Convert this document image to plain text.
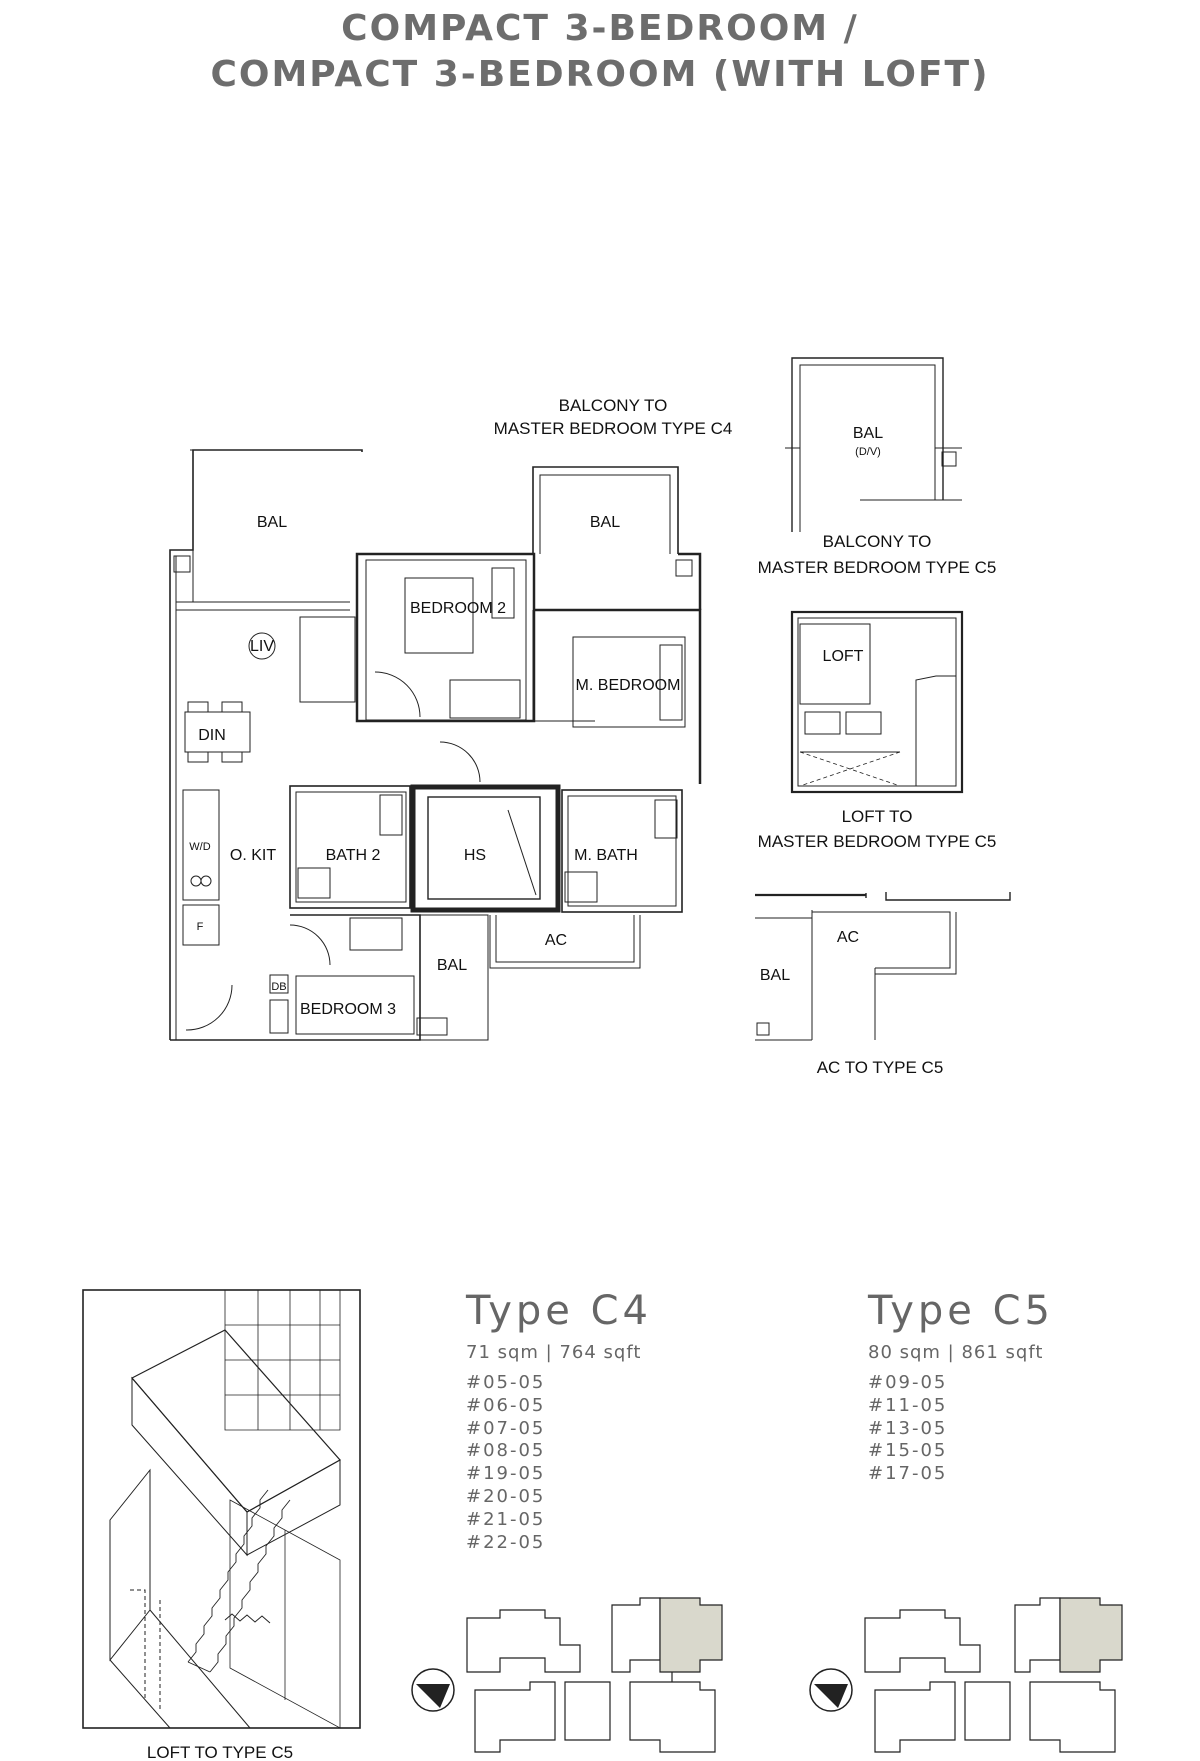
COMPACT 3-BEDROOM /
COMPACT 3-BEDROOM (WITH LOFT)
BALCONY TO
MASTER BEDROOM TYPE C4
BAL	BAL
BEDROOM 2
LIV
M. BEDROOM
DIN
W/D O. KIT	BATH 2	HS	M. BATH
AC
F
BAL
DB
BEDROOM 3
BAL
(D/V)
BALCONY TO
MASTER BEDROOM TYPE C5
LOFT
LOFT TO
MASTER BEDROOM TYPE C5
AC
BAL
AC TO TYPE C5
LOFT TO TYPE C5
Type C4
71 sqm | 764 sqft
#05-05
#06-05
#07-05
#08-05
#19-05
#20-05
#21-05
#22-05
Type C5
80 sqm | 861 sqft
#09-05
#11-05
#13-05
#15-05
#17-05
